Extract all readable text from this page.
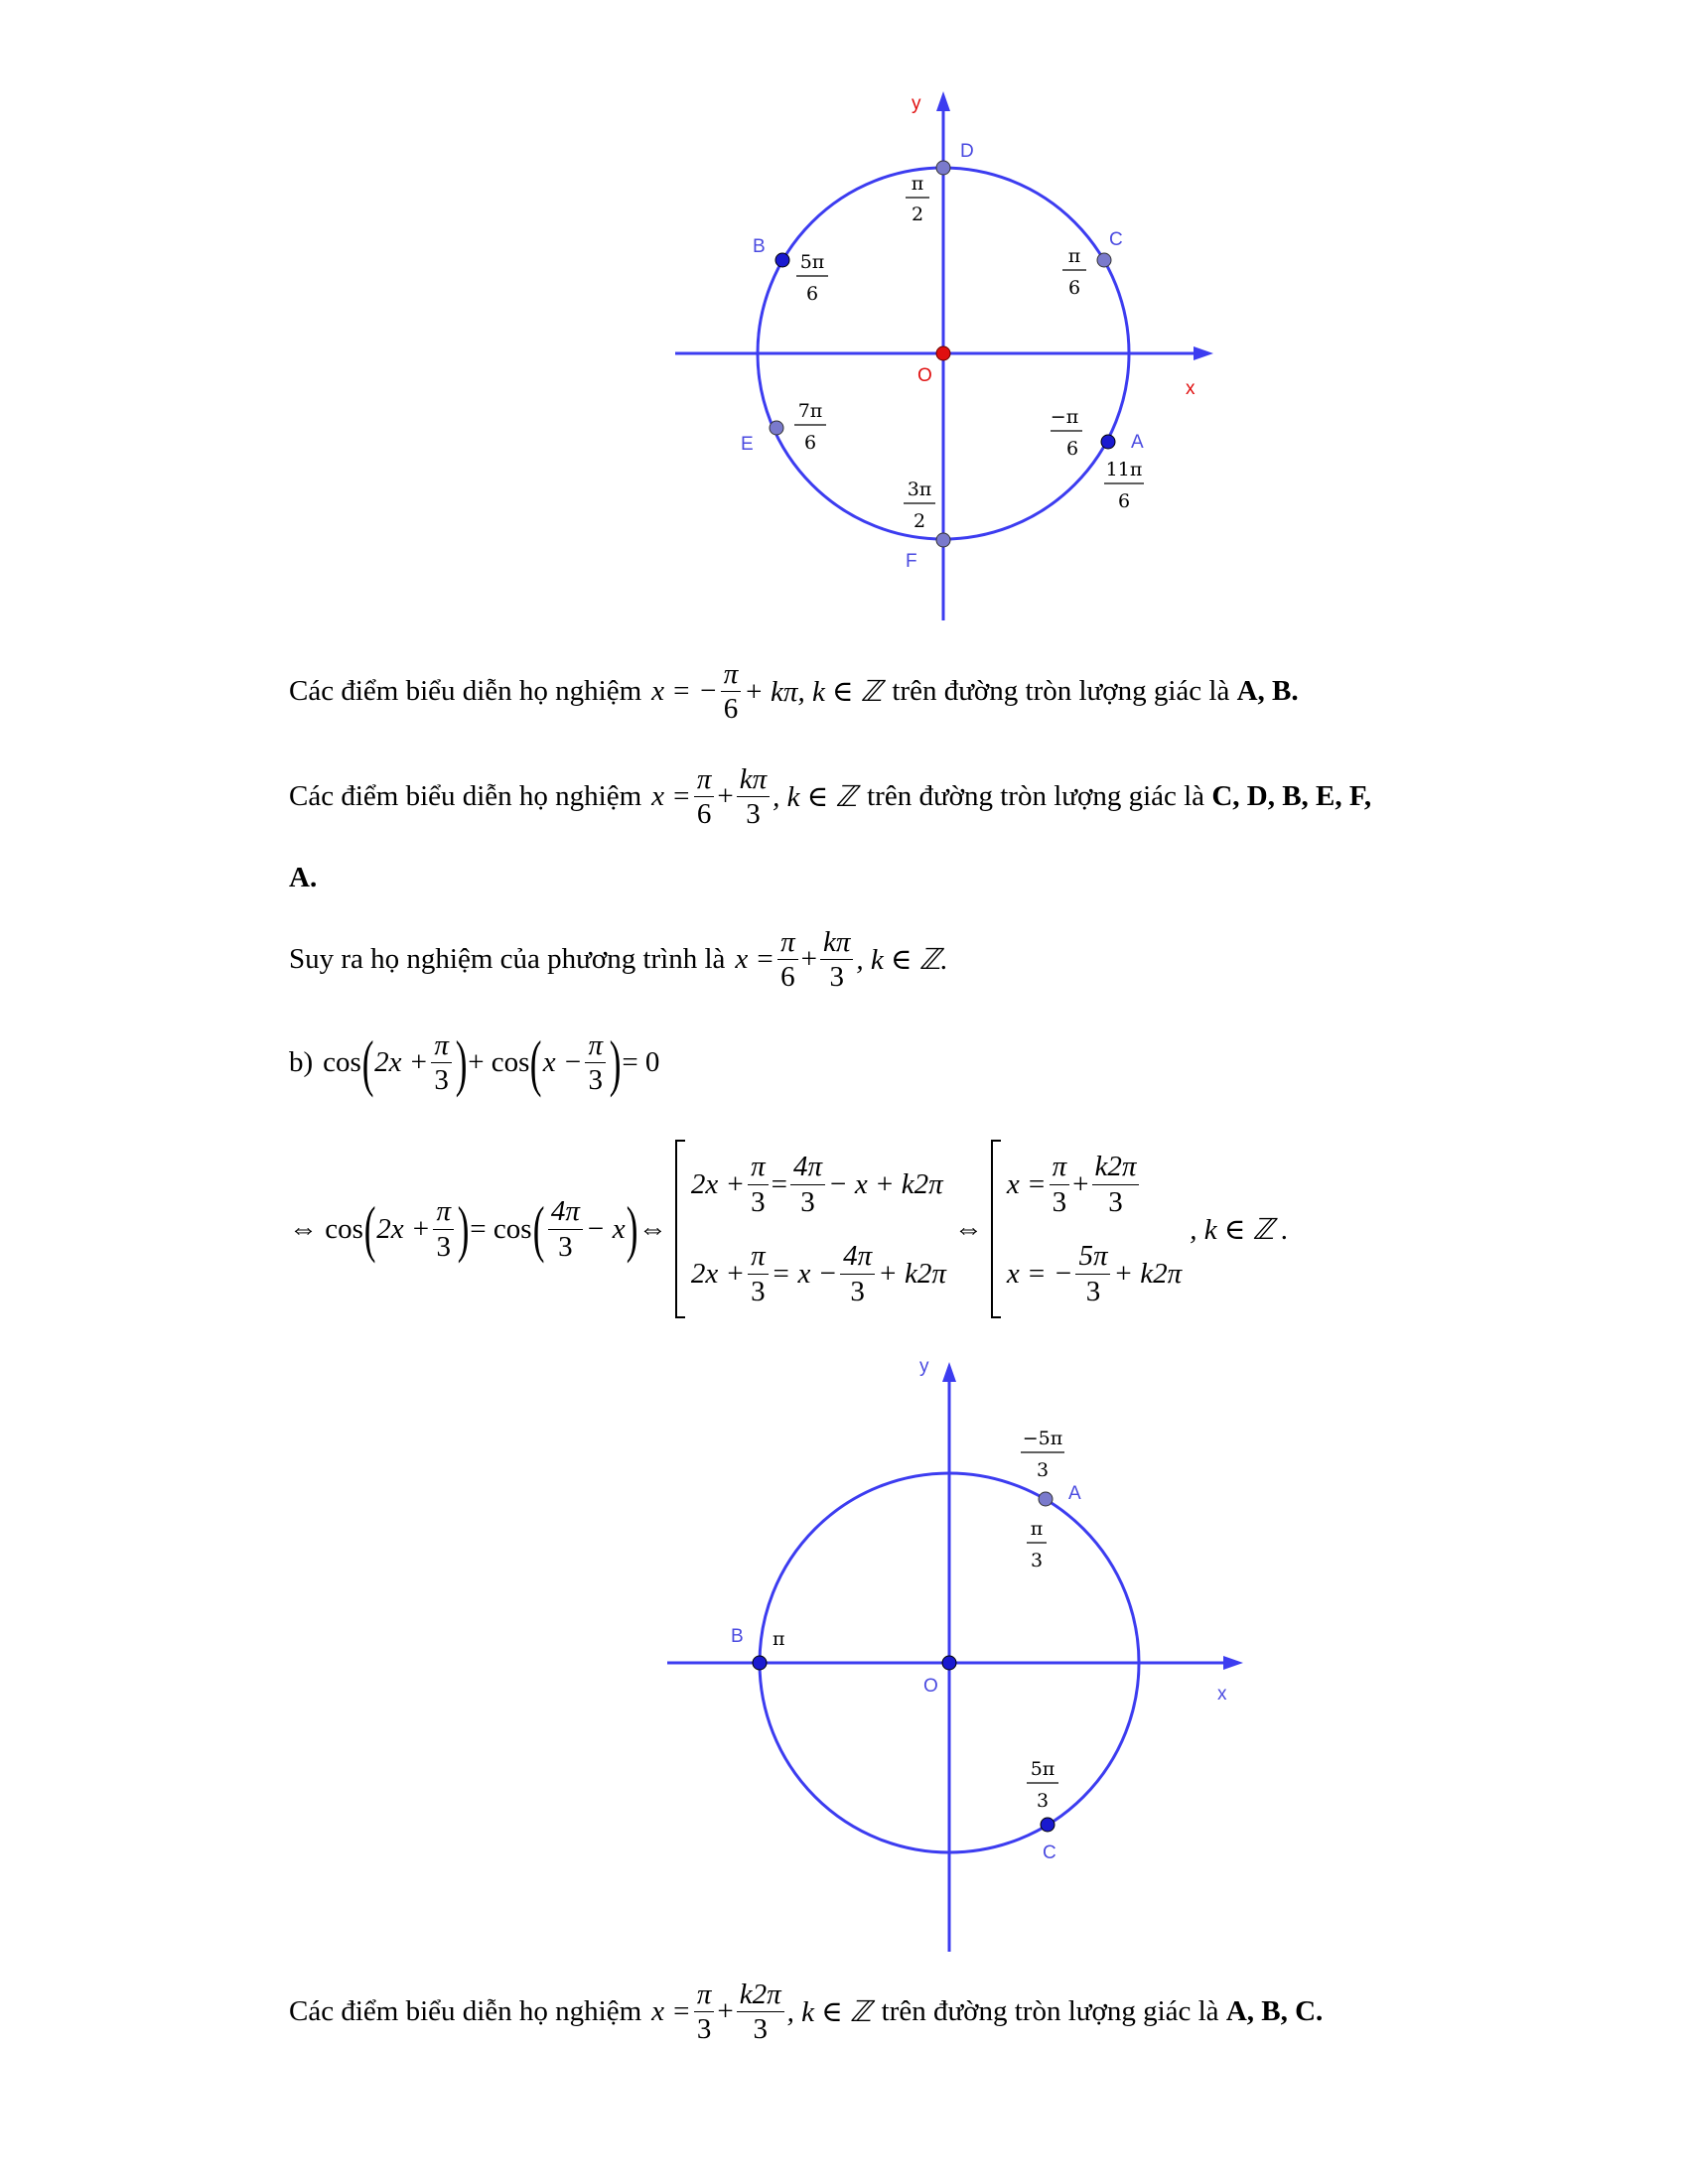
x
y
O
D
C
B
E
F
A
π
2
π
6
5π
6
7π
6
3π
2
−π
6
11π
6
x
y
O
A
B
C
−5π
3
π
3
π
5π
3
Các điểm biểu diễn họ nghiệm x = − $\frac{\pi}{6} + k\pi$, k ∈ ℤ trên đường tròn lượng giác là
A, B.
Các điểm biểu diễn họ nghiệm $x = \frac{\pi}{6} + \frac{k\pi}{3}$ , k ∈ ℤ trên đường tròn lượng giác là
C, D, B, E, F,
A.
Suy ra họ nghiệm của phương trình là $x = \frac{\pi}{6} + \frac{k\pi}{3}$ , k ∈ ℤ.
b) cos ( $2x + \frac{\pi}{3}$ ) + cos ( $x - \frac{\pi}{3}$ ) = 0
⇔ cos ( $2x + \frac{\pi}{3}$ ) = cos ( $\frac{4\pi}{3} - x$ ) ⇔
$2x + \frac{\pi}{3} = \frac{4\pi}{3} - x + k2\pi$
$2x + \frac{\pi}{3} = x - \frac{4\pi}{3} + k2\pi$
⇔
$x = \frac{\pi}{3} + \frac{k2\pi}{3}$
x = − $\frac{5\pi}{3} + k2\pi$
, k ∈ ℤ .
Các điểm biểu diễn họ nghiệm $x = \frac{\pi}{3} + \frac{k2\pi}{3}$ , k ∈ ℤ trên đường tròn lượng giác là
A, B, C.
